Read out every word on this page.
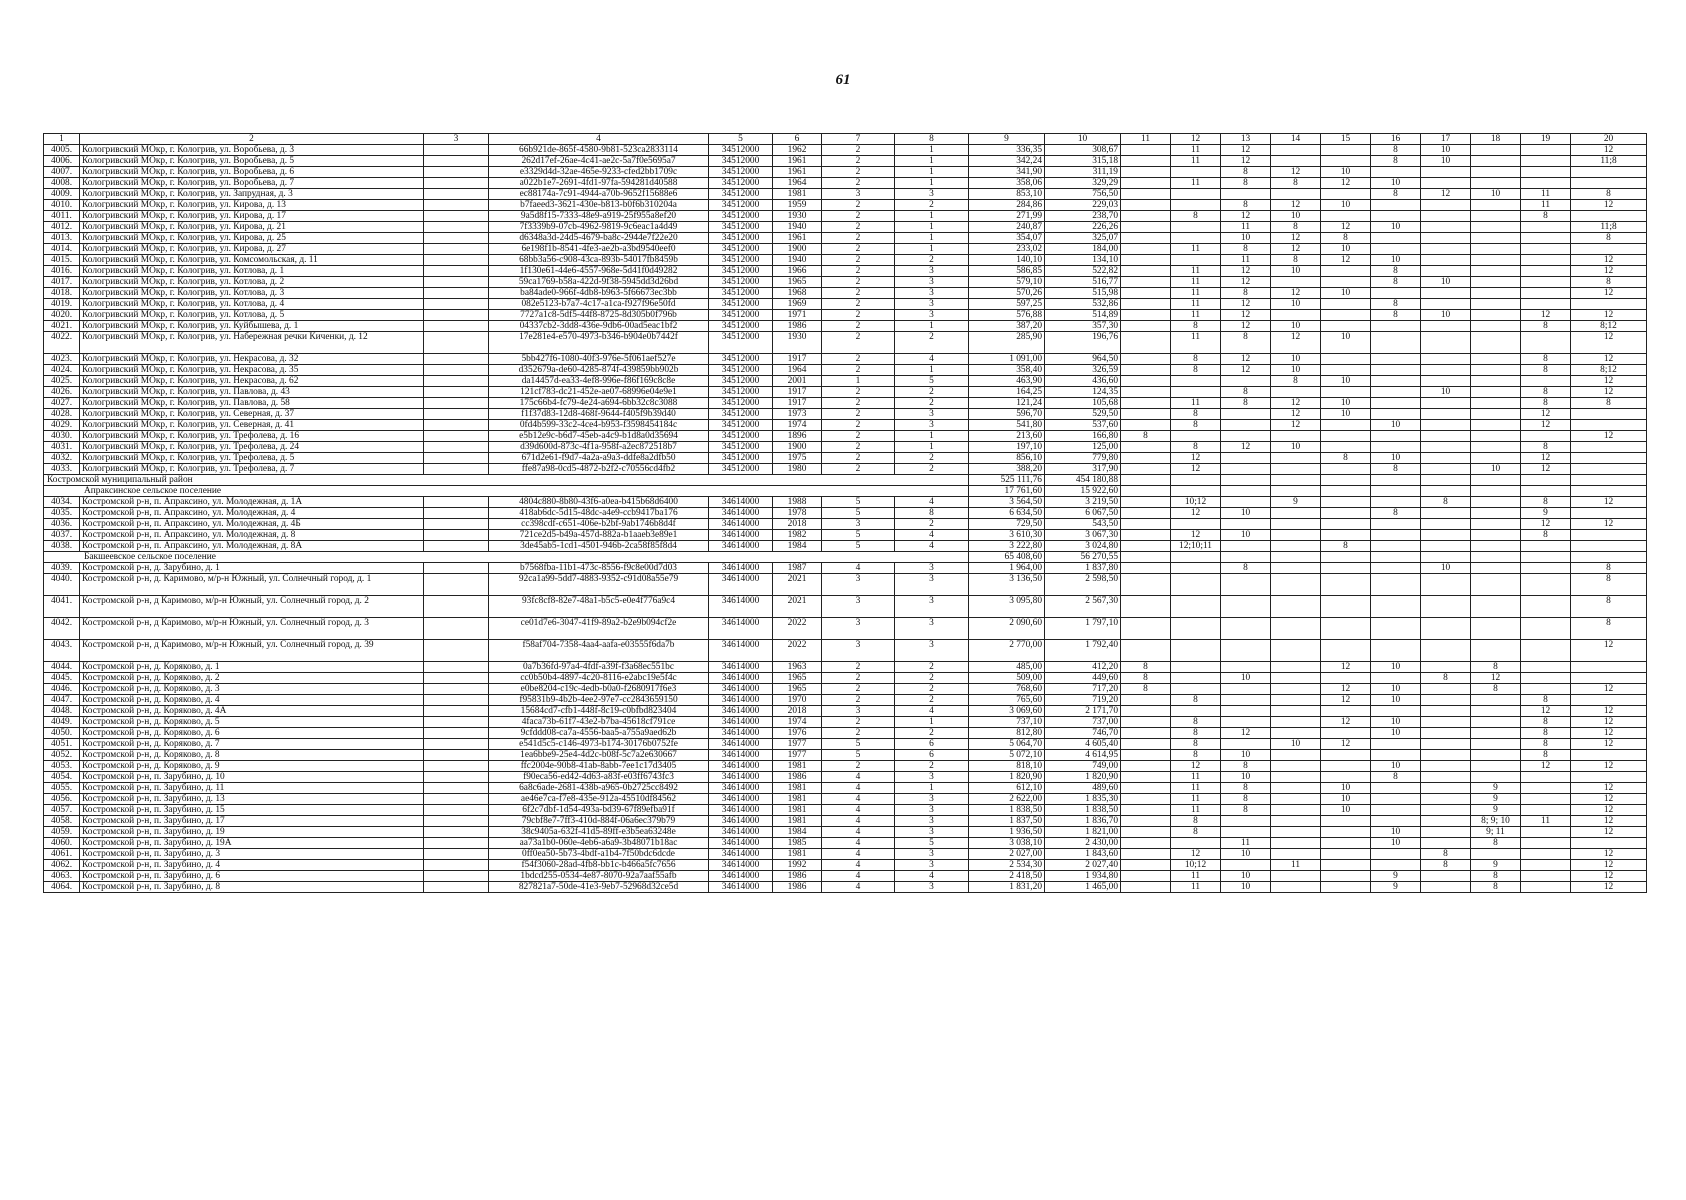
61
1	2	3	4	5	6	7	8	9	10	11	12	13	14	15	16	17	18	19	20
4005.	Кологривский МОкр, г. Кологрив, ул. Воробьева, д. 3		66b921de-865f-4580-9b81-523ca2833114	34512000	1962	2	1	336,35	308,67		11	12			8	10			12
4006.	Кологривский МОкр, г. Кологрив, ул. Воробьева, д. 5		262d17ef-26ae-4c41-ae2c-5a7f0e5695a7	34512000	1961	2	1	342,24	315,18		11	12			8	10			11;8
4007.	Кологривский МОкр, г. Кологрив, ул. Воробьева, д. 6		e3329d4d-32ae-465e-9233-cfed2bb1709c	34512000	1961	2	1	341,90	311,19			8	12	10					
4008.	Кологривский МОкр, г. Кологрив, ул. Воробьева, д. 7		a022b1e7-2691-4fd1-97fa-594281d40588	34512000	1964	2	1	358,06	329,29		11	8	8	12	10				
4009.	Кологривский МОкр, г. Кологрив, ул. Запрудная, д. 3		ec88174a-7c91-4944-a70b-9652f15688e6	34512000	1981	3	3	853,10	756,50						8	12	10	11	8
4010.	Кологривский МОкр, г. Кологрив, ул. Кирова, д. 13		b7faeed3-3621-430e-b813-b0f6b310204a	34512000	1959	2	2	284,86	229,03			8	12	10				11	12
4011.	Кологривский МОкр, г. Кологрив, ул. Кирова, д. 17		9a5d8f15-7333-48e9-a919-25f955a8ef20	34512000	1930	2	1	271,99	238,70		8	12	10					8	
4012.	Кологривский МОкр, г. Кологрив, ул. Кирова, д. 21		7f3339b9-07cb-4962-9819-9c6eac1a4d49	34512000	1940	2	1	240,87	226,26			11	8	12	10				11;8
4013.	Кологривский МОкр, г. Кологрив, ул. Кирова, д. 25		d6348a3d-24d5-4679-ba8c-2944e7f22e20	34512000	1961	2	1	354,07	325,07			10	12	8					8
4014.	Кологривский МОкр, г. Кологрив, ул. Кирова, д. 27		6e198f1b-8541-4fe3-ae2b-a3bd9540eef0	34512000	1900	2	1	233,02	184,00		11	8	12	10					
4015.	Кологривский МОкр, г. Кологрив, ул. Комсомольская, д. 11		68bb3a56-c908-43ca-893b-54017fb8459b	34512000	1940	2	2	140,10	134,10			11	8	12	10				12
4016.	Кологривский МОкр, г. Кологрив, ул. Котлова, д. 1		1f130e61-44e6-4557-968e-5d41f0d49282	34512000	1966	2	3	586,85	522,82		11	12	10		8				12
4017.	Кологривский МОкр, г. Кологрив, ул. Котлова, д. 2		59ca1769-b58a-422d-9f38-5945dd3d26bd	34512000	1965	2	3	579,10	516,77		11	12			8	10			8
4018.	Кологривский МОкр, г. Кологрив, ул. Котлова, д. 3		ba84ade0-966f-4db8-b963-5f66673ec3bb	34512000	1968	2	3	570,26	515,98		11	8	12	10					12
4019.	Кологривский МОкр, г. Кологрив, ул. Котлова, д. 4		082e5123-b7a7-4c17-a1ca-f927f96e50fd	34512000	1969	2	3	597,25	532,86		11	12	10		8				
4020.	Кологривский МОкр, г. Кологрив, ул. Котлова, д. 5		7727a1c8-5df5-44f8-8725-8d305b0f796b	34512000	1971	2	3	576,88	514,89		11	12			8	10		12	12
4021.	Кологривский МОкр, г. Кологрив, ул. Куйбышева, д. 1		04337cb2-3dd8-436e-9db6-00ad5eac1bf2	34512000	1986	2	1	387,20	357,30		8	12	10					8	8;12
4022.	Кологривский МОкр, г. Кологрив, ул. Набережная речки Киченки, д. 12		17e281e4-e570-4973-b346-b904e0b7442f	34512000	1930	2	2	285,90	196,76		11	8	12	10					12
4023.	Кологривский МОкр, г. Кологрив, ул. Некрасова, д. 32		5bb427f6-1080-40f3-976e-5f061aef527e	34512000	1917	2	4	1 091,00	964,50		8	12	10					8	12
4024.	Кологривский МОкр, г. Кологрив, ул. Некрасова, д. 35		d352679a-de60-4285-874f-439859bb902b	34512000	1964	2	1	358,40	326,59		8	12	10					8	8;12
4025.	Кологривский МОкр, г. Кологрив, ул. Некрасова, д. 62		da14457d-ea33-4ef8-996e-f86f169c8c8e	34512000	2001	1	5	463,90	436,60				8	10					12
4026.	Кологривский МОкр, г. Кологрив, ул. Павлова, д. 43		121cf783-dc21-452e-ae07-68996e04e9e1	34512000	1917	2	2	164,25	124,35			8				10		8	12
4027.	Кологривский МОкр, г. Кологрив, ул. Павлова, д. 58		175c66b4-fc79-4e24-a694-6bb32c8c3088	34512000	1917	2	2	121,24	105,68		11	8	12	10				8	8
4028.	Кологривский МОкр, г. Кологрив, ул. Северная, д. 37		f1f37d83-12d8-468f-9644-f405f9b39d40	34512000	1973	2	3	596,70	529,50		8		12	10				12	
4029.	Кологривский МОкр, г. Кологрив, ул. Северная, д. 41		0fd4b599-33c2-4ce4-b953-f3598454184c	34512000	1974	2	3	541,80	537,60		8		12		10			12	
4030.	Кологривский МОкр, г. Кологрив, ул. Трефолева, д. 16		e5b12e9c-b6d7-45eb-a4c9-b1d8a0d35694	34512000	1896	2	1	213,60	166,80	8									12
4031.	Кологривский МОкр, г. Кологрив, ул. Трефолева, д. 24		d39d600d-873c-4f1a-958f-a2ec872518b7	34512000	1900	2	1	197,10	125,00		8	12	10					8	
4032.	Кологривский МОкр, г. Кологрив, ул. Трефолева, д. 5		671d2e61-f9d7-4a2a-a9a3-ddfe8a2dfb50	34512000	1975	2	2	856,10	779,80		12			8	10			12	
4033.	Кологривский МОкр, г. Кологрив, ул. Трефолева, д. 7		ffe87a98-0cd5-4872-b2f2-c70556cd4fb2	34512000	1980	2	2	388,20	317,90		12				8		10	12	
Костромской муниципальный район								525 111,76	454 180,88										
Апраксинское сельское поселение								17 761,60	15 922,60										
4034.	Костромской р-н, п. Апраксино, ул. Молодежная, д. 1А		4804c880-8b80-43f6-a0ea-b415b68d6400	34614000	1988	5	4	3 564,50	3 219,50		10;12		9			8		8	12
4035.	Костромской р-н, п. Апраксино, ул. Молодежная, д. 4		418ab6dc-5d15-48dc-a4e9-ccb9417ba176	34614000	1978	5	8	6 634,50	6 067,50		12	10			8			9	
4036.	Костромской р-н, п. Апраксино, ул. Молодежная, д. 4Б		cc398cdf-c651-406e-b2bf-9ab1746b8d4f	34614000	2018	3	2	729,50	543,50									12	12
4037.	Костромской р-н, п. Апраксино, ул. Молодежная, д. 8		721ce2d5-b49a-457d-882a-b1aaeb3e89e1	34614000	1982	5	4	3 610,30	3 067,30		12	10						8	
4038.	Костромской р-н, п. Апраксино, ул. Молодежная, д. 8А		3de45ab5-1cd1-4501-946b-2ca58f85f8d4	34614000	1984	5	4	3 222,80	3 024,80		12;10;11			8					
Бакшеевское сельское поселение								65 408,60	56 270,55										
4039.	Костромской р-н, д. Зарубино, д. 1		b7568fba-11b1-473c-8556-f9c8e00d7d03	34614000	1987	4	3	1 964,00	1 837,80			8				10			8
4040.	Костромской р-н, д. Каримово, м/р-н Южный, ул. Солнечный город, д. 1		92ca1a99-5dd7-4883-9352-c91d08a55e79	34614000	2021	3	3	3 136,50	2 598,50										8
4041.	Костромской р-н, д Каримово, м/р-н Южный, ул. Солнечный город, д. 2		93fc8cf8-82e7-48a1-b5c5-e0e4f776a9c4	34614000	2021	3	3	3 095,80	2 567,30										8
4042.	Костромской р-н, д Каримово, м/р-н Южный, ул. Солнечный город, д. 3		ce01d7e6-3047-41f9-89a2-b2e9b094cf2e	34614000	2022	3	3	2 090,60	1 797,10										8
4043.	Костромской р-н, д Каримово, м/р-н Южный, ул. Солнечный город, д. 39		f58af704-7358-4aa4-aafa-e03555f6da7b	34614000	2022	3	3	2 770,00	1 792,40										12
4044.	Костромской р-н, д. Коряково, д. 1		0a7b36fd-97a4-4fdf-a39f-f3a68ec551bc	34614000	1963	2	2	485,00	412,20	8				12	10		8		
4045.	Костромской р-н, д. Коряково, д. 2		cc0b50b4-4897-4c20-8116-e2abc19e5f4c	34614000	1965	2	2	509,00	449,60	8		10				8	12		
4046.	Костромской р-н, д. Коряково, д. 3		e0be8204-c19c-4edb-b0a0-f2680917f6e3	34614000	1965	2	2	768,60	717,20	8				12	10		8		12
4047.	Костромской р-н, д. Коряково, д. 4		f95831b9-4b2b-4ee2-97e7-cc2843659150	34614000	1970	2	2	765,60	719,20		8			12	10			8	
4048.	Костромской р-н, д. Коряково, д. 4А		15684cd7-cfb1-448f-8c19-c0bfbd823404	34614000	2018	3	4	3 069,60	2 171,70									12	12
4049.	Костромской р-н, д. Коряково, д. 5		4faca73b-61f7-43e2-b7ba-45618cf791ce	34614000	1974	2	1	737,10	737,00		8			12	10			8	12
4050.	Костромской р-н, д. Коряково, д. 6		9cfddd08-ca7a-4556-baa5-a755a9aed62b	34614000	1976	2	2	812,80	746,70		8	12			10			8	12
4051.	Костромской р-н, д. Коряково, д. 7		e541d5c5-c146-4973-b174-30176b0752fe	34614000	1977	5	6	5 064,70	4 605,40		8		10	12				8	12
4052.	Костромской р-н, д. Коряково, д. 8		1ea6bbe9-25e4-4d2c-b08f-5c7a2e630667	34614000	1977	5	6	5 072,10	4 614,95		8	10						8	
4053.	Костромской р-н, д. Коряково, д. 9		ffc2004e-90b8-41ab-8abb-7ee1c17d3405	34614000	1981	2	2	818,10	749,00		12	8			10			12	12
4054.	Костромской р-н, п. Зарубино, д. 10		f90eca56-ed42-4d63-a83f-e03ff6743fc3	34614000	1986	4	3	1 820,90	1 820,90		11	10			8				
4055.	Костромской р-н, п. Зарубино, д. 11		6a8c6ade-2681-438b-a965-0b2725cc8492	34614000	1981	4	1	612,10	489,60		11	8		10			9		12
4056.	Костромской р-н, п. Зарубино, д. 13		ae46e7ca-f7e8-435e-912a-45510df84562	34614000	1981	4	3	2 622,00	1 835,30		11	8		10			9		12
4057.	Костромской р-н, п. Зарубино, д. 15		6f2c7dbf-1d54-493a-bd39-67f89efba91f	34614000	1981	4	3	1 838,50	1 838,50		11	8		10			9		12
4058.	Костромской р-н, п. Зарубино, д. 17		79cbf8e7-7ff3-410d-884f-06a6ec379b79	34614000	1981	4	3	1 837,50	1 836,70		8						8; 9; 10	11	12
4059.	Костромской р-н, п. Зарубино, д. 19		38c9405a-632f-41d5-89ff-e3b5ea63248e	34614000	1984	4	3	1 936,50	1 821,00		8				10		9; 11		12
4060.	Костромской р-н, п. Зарубино, д. 19А		aa73a1b0-060e-4eb6-a6a9-3b48071b18ac	34614000	1985	4	5	3 038,10	2 430,00			11			10		8		
4061.	Костромской р-н, п. Зарубино, д. 3		0ff0ea50-5b73-4bdf-a1b4-7f50bdc6dcde	34614000	1981	4	3	2 027,00	1 843,60		12	10				8			12
4062.	Костромской р-н, п. Зарубино, д. 4		f54f3060-28ad-4fb8-bb1c-b466a5fc7656	34614000	1992	4	3	2 534,30	2 027,40		10;12		11			8	9		12
4063.	Костромской р-н, п. Зарубино, д. 6		1bdcd255-0534-4e87-8070-92a7aaf55afb	34614000	1986	4	4	2 418,50	1 934,80		11	10			9		8		12
4064.	Костромской р-н, п. Зарубино, д. 8		827821a7-50de-41e3-9eb7-52968d32ce5d	34614000	1986	4	3	1 831,20	1 465,00		11	10			9		8		12
